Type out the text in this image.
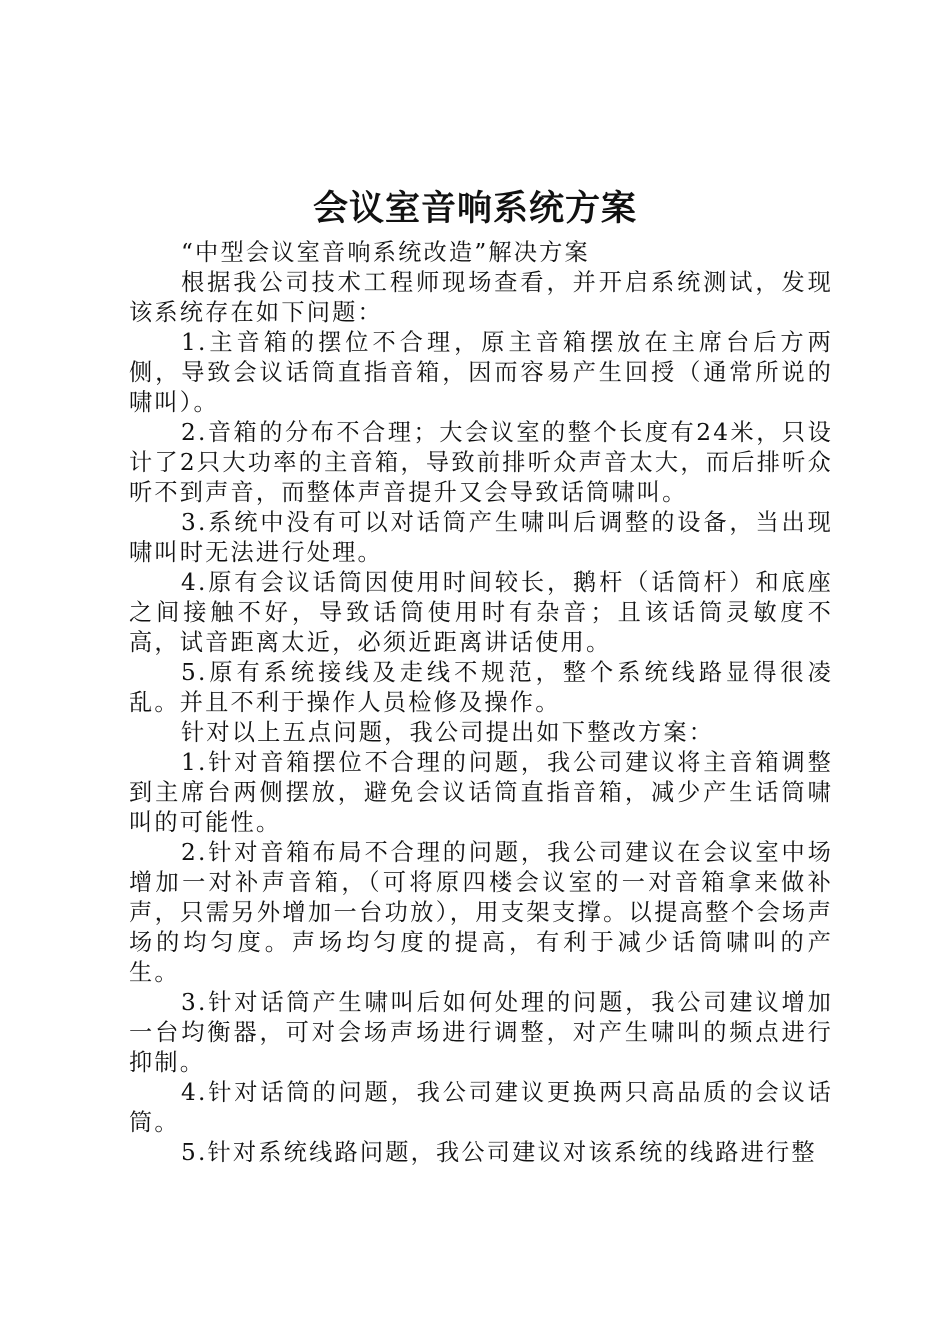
会议室音响系统方案

“中型会议室音响系统改造”解决方案

根据我公司技术工程师现场查看，并开启系统测试，发现该系统存在如下问题：

1.主音箱的摆位不合理，原主音箱摆放在主席台后方两侧，导致会议话筒直指音箱，因而容易产生回授（通常所说的啸叫）。

2.音箱的分布不合理；大会议室的整个长度有24米，只设计了2只大功率的主音箱，导致前排听众声音太大，而后排听众听不到声音，而整体声音提升又会导致话筒啸叫。

3.系统中没有可以对话筒产生啸叫后调整的设备，当出现啸叫时无法进行处理。

4.原有会议话筒因使用时间较长，鹅杆（话筒杆）和底座之间接触不好，导致话筒使用时有杂音；且该话筒灵敏度不高，试音距离太近，必须近距离讲话使用。

5.原有系统接线及走线不规范，整个系统线路显得很凌乱。并且不利于操作人员检修及操作。

针对以上五点问题，我公司提出如下整改方案：

1.针对音箱摆位不合理的问题，我公司建议将主音箱调整到主席台两侧摆放，避免会议话筒直指音箱，减少产生话筒啸叫的可能性。

2.针对音箱布局不合理的问题，我公司建议在会议室中场增加一对补声音箱，（可将原四楼会议室的一对音箱拿来做补声，只需另外增加一台功放），用支架支撑。以提高整个会场声场的均匀度。声场均匀度的提高，有利于减少话筒啸叫的产生。

3.针对话筒产生啸叫后如何处理的问题，我公司建议增加一台均衡器，可对会场声场进行调整，对产生啸叫的频点进行抑制。

4.针对话筒的问题，我公司建议更换两只高品质的会议话筒。

5.针对系统线路问题，我公司建议对该系统的线路进行整
